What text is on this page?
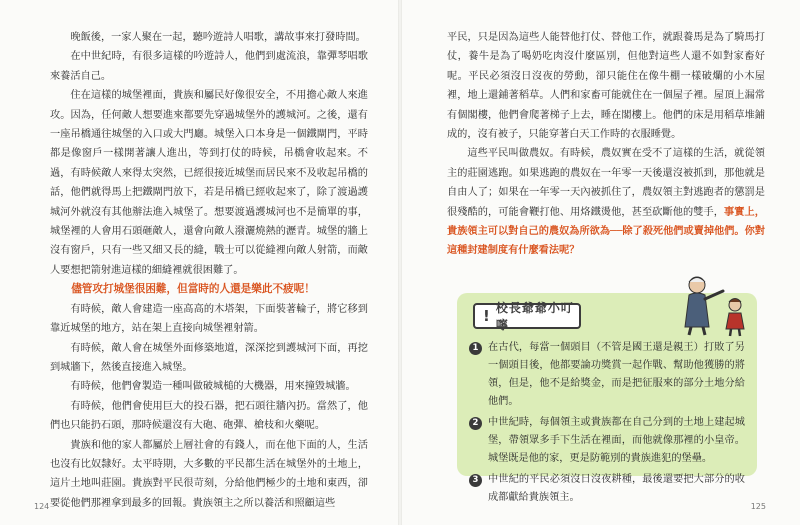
晚飯後，一家人聚在一起，聽吟遊詩人唱歌，講故事來打發時間。

在中世紀時，有很多這樣的吟遊詩人，他們到處流浪，靠彈琴唱歌來養活自己。

住在這樣的城堡裡面，貴族和屬民好像很安全，不用擔心敵人來進攻。因為，任何敵人想要進來都要先穿過城堡外的護城河。之後，還有一座吊橋通往城堡的入口或大門廳。城堡入口本身是一個鐵閘門，平時都是像窗戶一樣開著讓人進出，等到打仗的時候，吊橋會收起來。不過，有時候敵人來得太突然，已經很接近城堡而居民來不及收起吊橋的話，他們就得馬上把鐵閘門放下，若是吊橋已經收起來了，除了渡過護城河外就沒有其他辦法進入城堡了。想要渡過護城河也不是簡單的事，城堡裡的人會用石頭砸敵人，還會向敵人潑灑燒熱的瀝青。城堡的牆上沒有窗戶，只有一些又細又長的縫，戰士可以從縫裡向敵人射箭，而敵人要想把箭射進這樣的細縫裡就很困難了。

儘管攻打城堡很困難，但當時的人還是樂此不疲呢！

有時候，敵人會建造一座高高的木塔架，下面裝著輪子，將它移到靠近城堡的地方，站在架上直接向城堡裡射箭。

有時候，敵人會在城堡外面修築地道，深深挖到護城河下面，再挖到城牆下，然後直接進入城堡。

有時候，他們會製造一種叫做破城槌的大機器，用來撞毀城牆。

有時候，他們會使用巨大的投石器，把石頭往牆內扔。當然了，他們也只能扔石頭，那時候還沒有大砲、砲彈、槍枝和火藥呢。

貴族和他的家人都屬於上層社會的有錢人，而在他下面的人，生活也沒有比奴隸好。太平時期，大多數的平民都生活在城堡外的土地上，這片土地叫莊園。貴族對平民很苛刻，分給他們極少的土地和東西，卻要從他們那裡拿到最多的回報。貴族領主之所以養活和照顧這些

124

平民，只是因為這些人能替他打仗、替他工作，就跟養馬是為了騎馬打仗，養牛是為了喝奶吃肉沒什麼區別，但他對這些人還不如對家畜好呢。平民必須沒日沒夜的勞動，卻只能住在像牛棚一樣破爛的小木屋裡，地上還鋪著稻草。人們和家畜可能就住在一個屋子裡。屋頂上漏常有個閣樓，他們會爬著梯子上去，睡在閣樓上。他們的床是用稻草堆鋪成的，沒有被子，只能穿著白天工作時的衣服睡覺。

這些平民叫做農奴。有時候，農奴實在受不了這樣的生活，就從領主的莊園逃跑。如果逃跑的農奴在一年零一天後還沒被抓到，那他就是自由人了；如果在一年零一天內被抓住了，農奴領主對逃跑者的懲罰是很殘酷的，可能會鞭打他、用烙鐵燙他，甚至砍斷他的雙手，事實上，貴族領主可以對自己的農奴為所欲為──除了殺死他們或賣掉他們。你對這種封建制度有什麼看法呢？

125
! 校長爺爺小叮嚀
1 在古代，每當一個頭目（不管是國王還是親王）打敗了另一個頭目後，他都要論功獎賞一起作戰、幫助他獲勝的將領，但是，他不是給獎金，而是把征服來的部分土地分給他們。
2 中世紀時，每個領主或貴族都在自己分到的土地上建起城堡，帶領眾多手下生活在裡面，而他就像那裡的小皇帝。城堡既是他的家，更是防範別的貴族進犯的堡壘。
3 中世紀的平民必須沒日沒夜耕種，最後還要把大部分的收成都獻給貴族領主。
